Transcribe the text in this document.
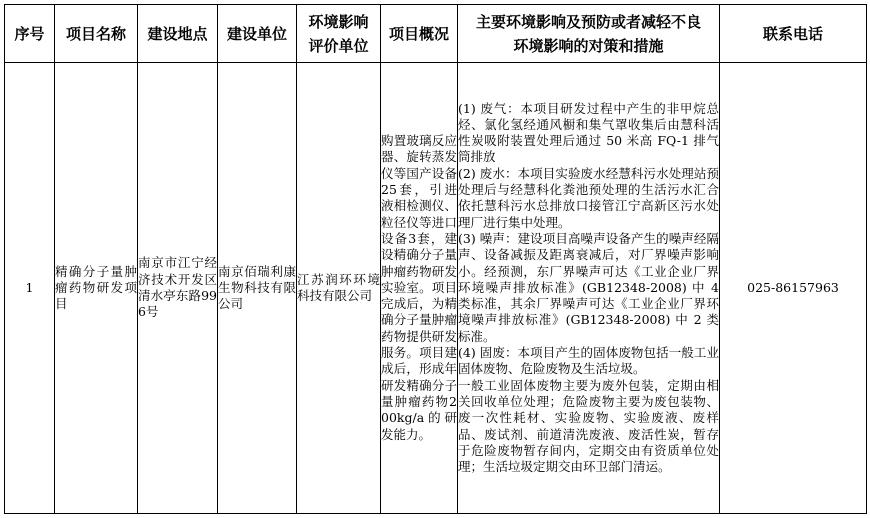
序号	项目名称	建设地点	建设单位	环境影响评价单位	项目概况	主要环境影响及预防或者减轻不良环境影响的对策和措施	联系电话
1	精确分子量肿瘤药物研发项目	南京市江宁经济技术开发区清水亭东路996号	南京佰瑞利康生物科技有限公司	江苏润环环境科技有限公司	购置玻璃反应器、旋转蒸发仪等国产设备25套，引进液相检测仪、粒径仪等进口设备3套，建设精确分子量肿瘤药物研发实验室。项目完成后，为精确分子量肿瘤药物提供研发服务。项目建成后，形成年研发精确分子量肿瘤药物200kg/a的研发能力。	(1) 废气：本项目研发过程中产生的非甲烷总烃、氯化氢经通风橱和集气罩收集后由慧科活性炭吸附装置处理后通过 50 米高 FQ-1 排气筒排放

(2) 废水：本项目实验废水经慧科污水处理站预处理后与经慧科化粪池预处理的生活污水汇合依托慧科污水总排放口接管江宁高新区污水处理厂进行集中处理。

(3) 噪声：建设项目高噪声设备产生的噪声经隔声、设备减振及距离衰减后，对厂界噪声影响小。经预测，东厂界噪声可达《工业企业厂界环境噪声排放标准》(GB12348-2008) 中 4 类标准，其余厂界噪声可达《工业企业厂界环境噪声排放标准》(GB12348-2008) 中 2 类标准。

(4) 固废：本项目产生的固体废物包括一般工业固体废物、危险废物及生活垃圾。

一般工业固体废物主要为废外包装，定期由相关回收单位处理；危险废物主要为废包装物、废一次性耗材、实验废物、实验废液、废样品、废试剂、前道清洗废液、废活性炭，暂存于危险废物暂存间内，定期交由有资质单位处理；生活垃圾定期交由环卫部门清运。	025-86157963
